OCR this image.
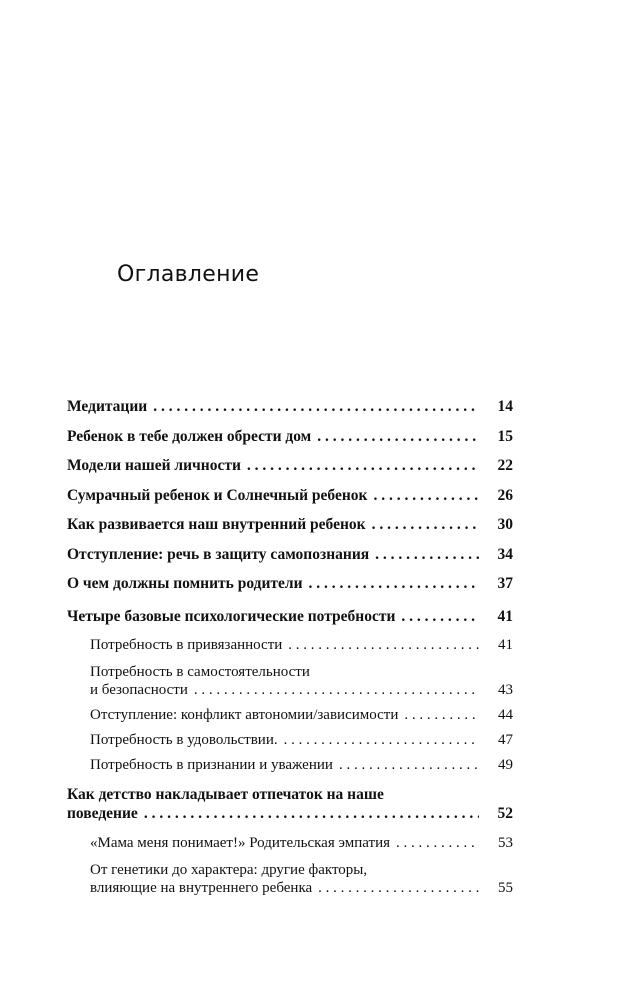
Оглавление
Медитации . . .	14
Ребенок в тебе должен обрести дом . . .	15
Модели нашей личности . . .	22
Сумрачный ребенок и Солнечный ребенок . . .	26
Как развивается наш внутренний ребенок . . .	30
Отступление: речь в защиту самопознания . . .	34
О чем должны помнить родители . . .	37
Четыре базовые психологические потребности . . .	41
Потребность в привязанности . . .	41
Потребность в самостоятельности
и безопасности . . .	43
Отступление: конфликт автономии/зависимости . . .	44
Потребность в удовольствии. . . .	47
Потребность в признании и уважении . . .	49
Как детство накладывает отпечаток на наше
поведение . . .	52
«Мама меня понимает!» Родительская эмпатия . . .	53
От генетики до характера: другие факторы,
влияющие на внутреннего ребенка . . .	55
